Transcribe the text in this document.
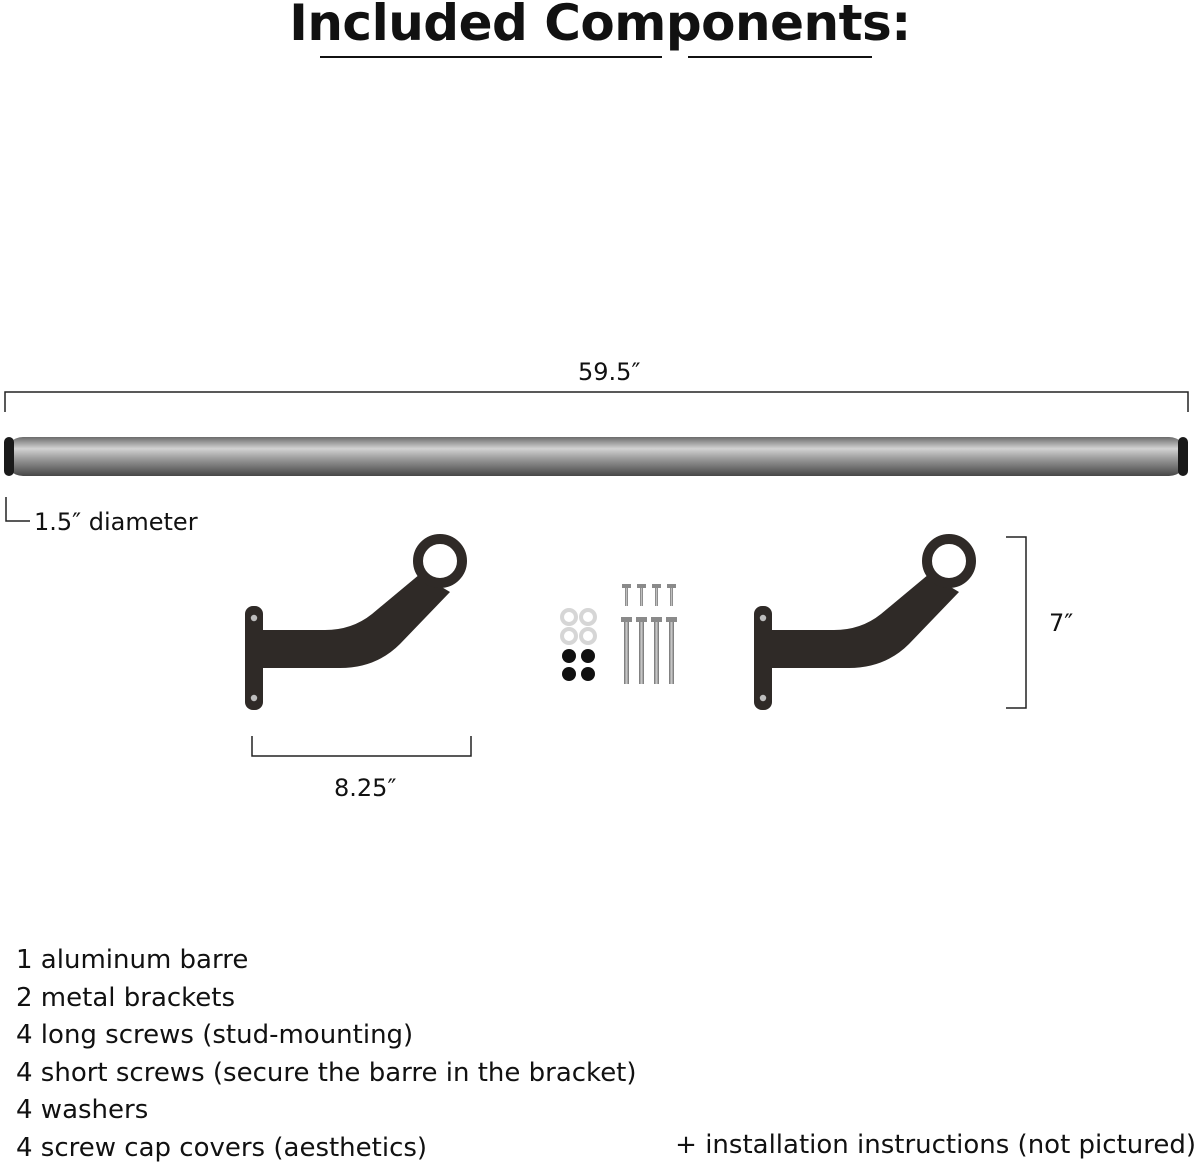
Included Components:
59.5″
1.5″ diameter
7″
8.25″
1 aluminum barre
2 metal brackets
4 long screws (stud-mounting)
4 short screws (secure the barre in the bracket)
4 washers
4 screw cap covers (aesthetics)	+ installation instructions (not pictured)
